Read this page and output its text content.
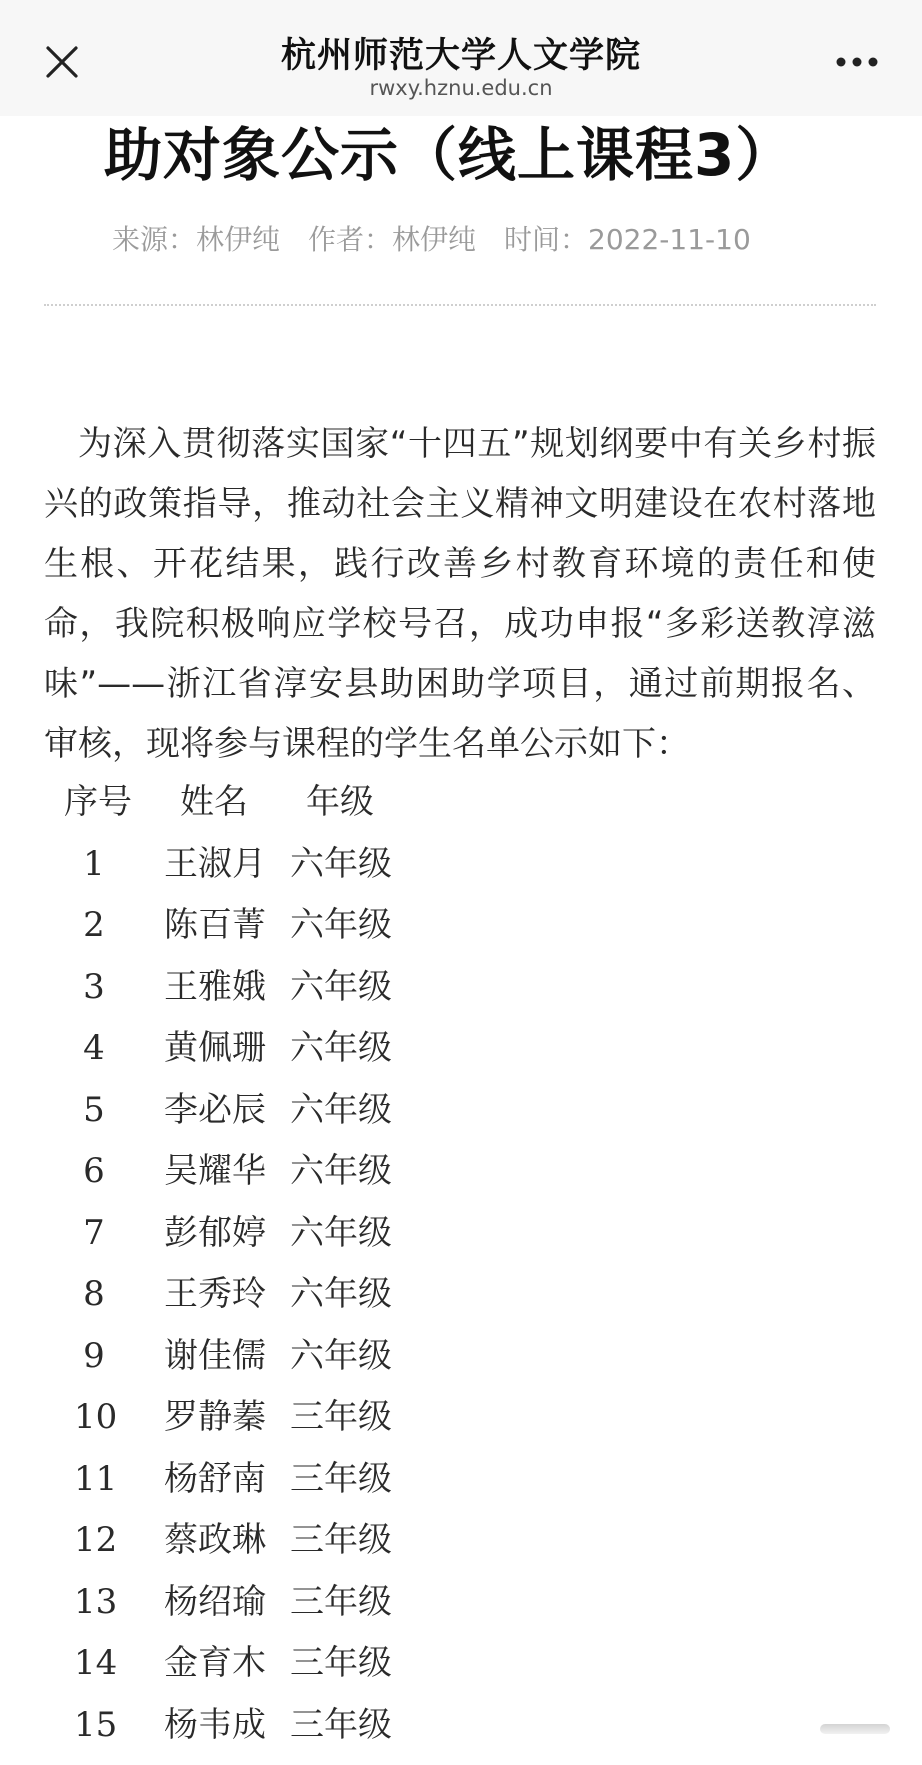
杭州师范大学人文学院
rwxy.hznu.edu.cn
助对象公示（线上课程3）
来源：林伊纯 作者：林伊纯 时间：2022-11-10

为深入贯彻落实国家“十四五”规划纲要中有关乡村振兴的政策指导，推动社会主义精神文明建设在农村落地生根、开花结果，践行改善乡村教育环境的责任和使命，我院积极响应学校号召，成功申报“多彩送教淳滋味”——浙江省淳安县助困助学项目，通过前期报名、审核，现将参与课程的学生名单公示如下：

序号 姓名 年级
1 王淑月 六年级
2 陈百菁 六年级
3 王雅娥 六年级
4 黄佩珊 六年级
5 李必辰 六年级
6 吴耀华 六年级
7 彭郁婷 六年级
8 王秀玲 六年级
9 谢佳儒 六年级
10 罗静蓁 三年级
11 杨舒南 三年级
12 蔡政琳 三年级
13 杨绍瑜 三年级
14 金育木 三年级
15 杨韦成 三年级
